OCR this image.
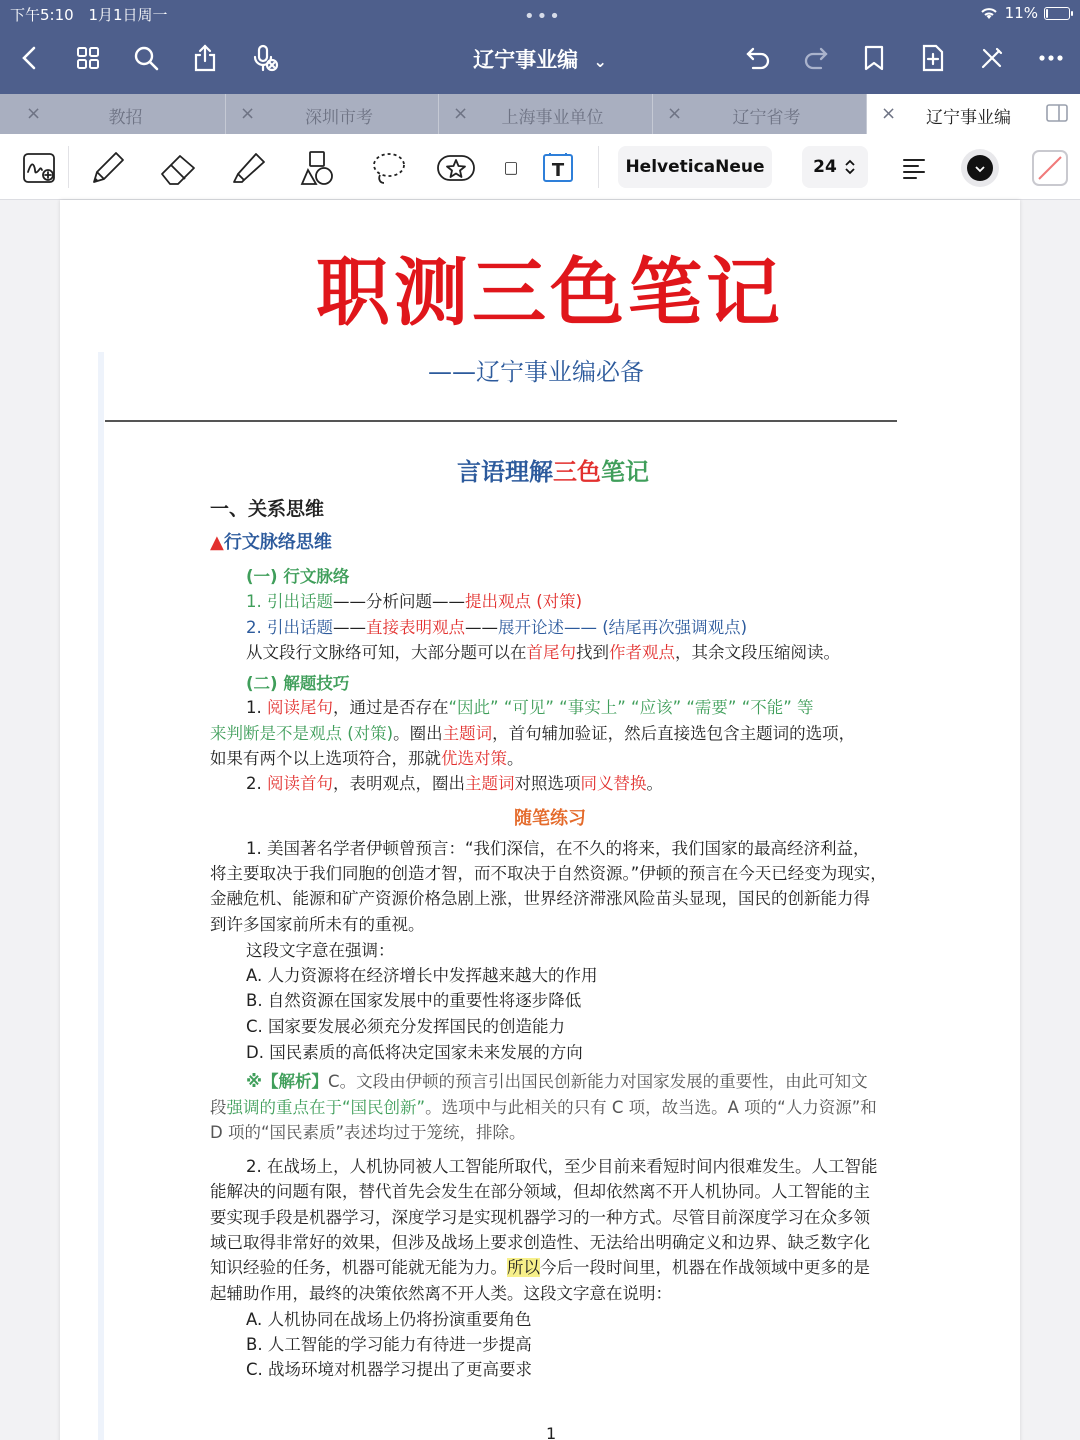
下午5:10 1月1日周一	•••	11%
辽宁事业编 ⌄
×	教招	×	深圳市考	×	上海事业单位	×	辽宁省考	×	辽宁事业编
T	HelveticaNeue	24
职测三色笔记
——辽宁事业编必备
言语理解三色笔记
一、关系思维
▲行文脉络思维
(一) 行文脉络
1. 引出话题——分析问题——提出观点 (对策)
2. 引出话题——直接表明观点——展开论述—— (结尾再次强调观点)
从文段行文脉络可知，大部分题可以在首尾句找到作者观点，其余文段压缩阅读。
(二) 解题技巧
1. 阅读尾句，通过是否存在“因此” “可见” “事实上” “应该” “需要” “不能” 等
来判断是不是观点 (对策)。圈出主题词，首句辅加验证，然后直接选包含主题词的选项，
如果有两个以上选项符合，那就优选对策。
2. 阅读首句，表明观点，圈出主题词对照选项同义替换。
随笔练习
1. 美国著名学者伊顿曾预言：“我们深信，在不久的将来，我们国家的最高经济利益，
将主要取决于我们同胞的创造才智，而不取决于自然资源。”伊顿的预言在今天已经变为现实，
金融危机、能源和矿产资源价格急剧上涨，世界经济滞涨风险苗头显现，国民的创新能力得
到许多国家前所未有的重视。
这段文字意在强调：
A. 人力资源将在经济增长中发挥越来越大的作用
B. 自然资源在国家发展中的重要性将逐步降低
C. 国家要发展必须充分发挥国民的创造能力
D. 国民素质的高低将决定国家未来发展的方向
※【解析】C。文段由伊顿的预言引出国民创新能力对国家发展的重要性，由此可知文
段强调的重点在于“国民创新”。选项中与此相关的只有 C 项，故当选。A 项的“人力资源”和
D 项的“国民素质”表述均过于笼统，排除。
2. 在战场上，人机协同被人工智能所取代，至少目前来看短时间内很难发生。人工智能
能解决的问题有限，替代首先会发生在部分领域，但却依然离不开人机协同。人工智能的主
要实现手段是机器学习，深度学习是实现机器学习的一种方式。尽管目前深度学习在众多领
域已取得非常好的效果，但涉及战场上要求创造性、无法给出明确定义和边界、缺乏数字化
知识经验的任务，机器可能就无能为力。所以今后一段时间里，机器在作战领域中更多的是
起辅助作用，最终的决策依然离不开人类。这段文字意在说明：
A. 人机协同在战场上仍将扮演重要角色
B. 人工智能的学习能力有待进一步提高
C. 战场环境对机器学习提出了更高要求
1
